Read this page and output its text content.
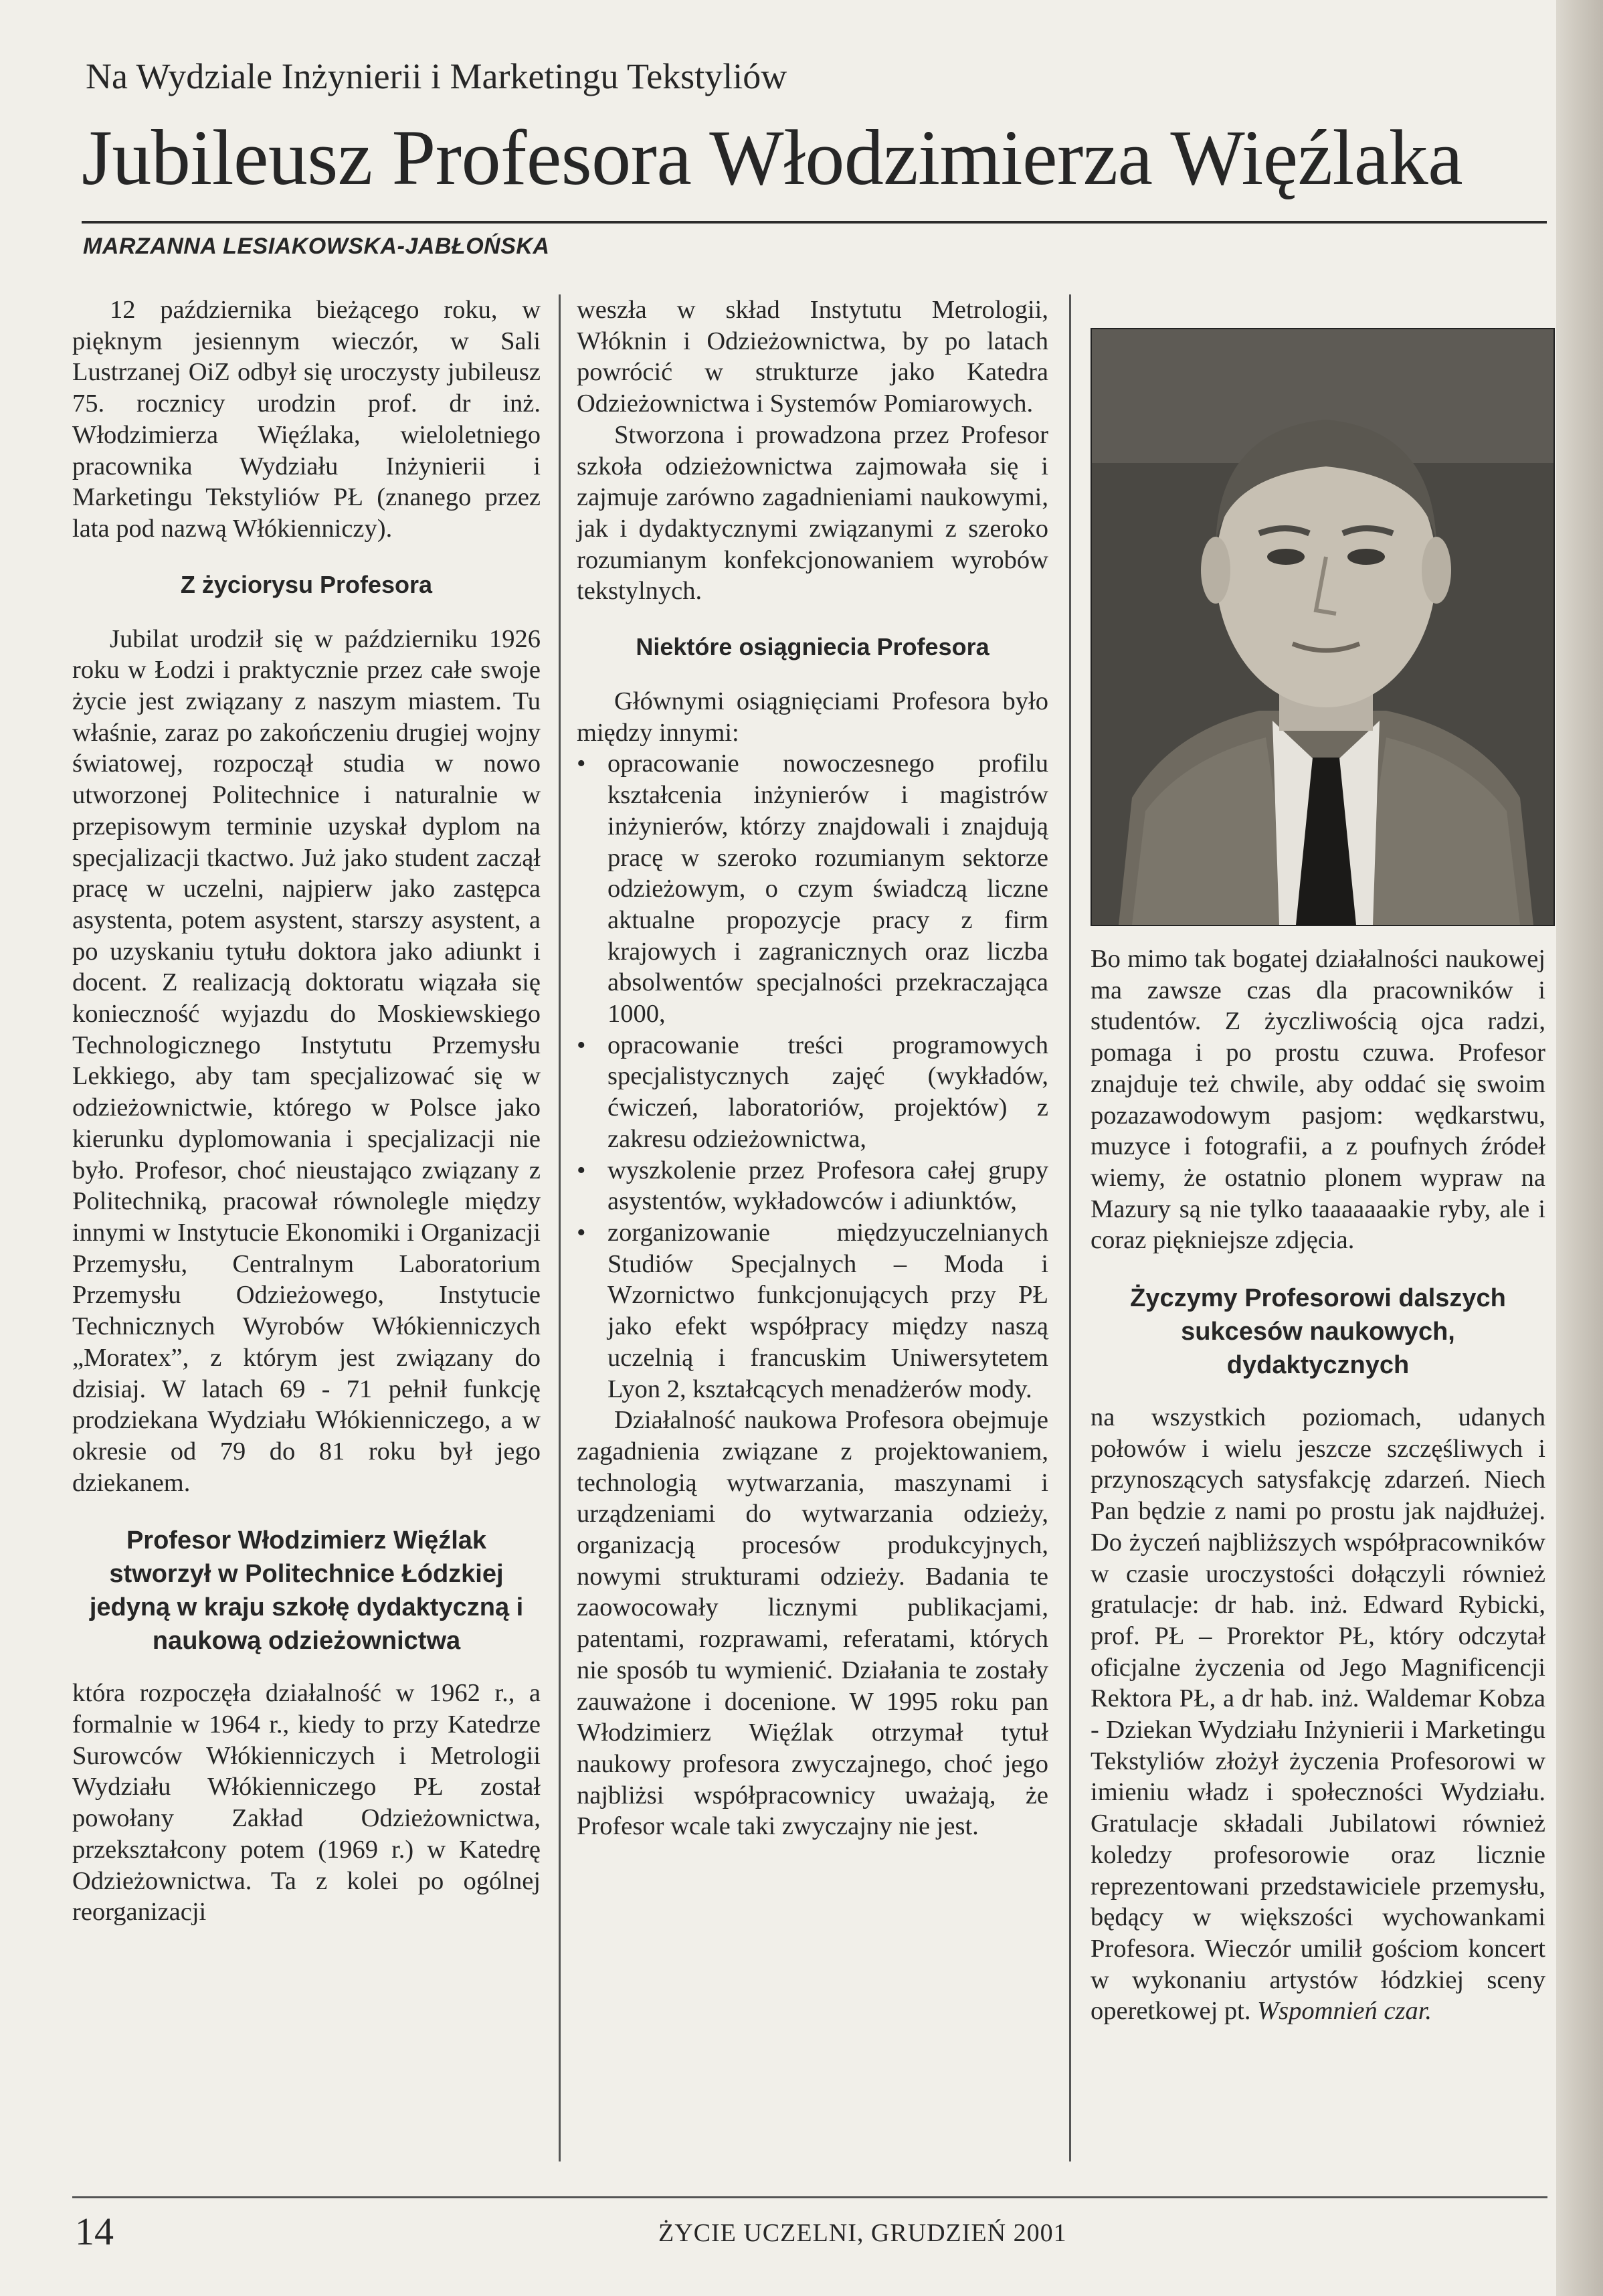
Na Wydziale Inżynierii i Marketingu Tekstyliów
Jubileusz Profesora Włodzimierza Więźlaka
MARZANNA LESIAKOWSKA-JABŁOŃSKA

12 października bieżącego roku, w pięknym jesiennym wieczór, w Sali Lustrzanej OiZ odbył się uroczysty jubileusz 75. rocznicy urodzin prof. dr inż. Włodzimierza Więźlaka, wieloletniego pracownika Wydziału Inżynierii i Marketingu Tekstyliów PŁ (znanego przez lata pod nazwą Włókienniczy).

Z życiorysu Profesora

Jubilat urodził się w październiku 1926 roku w Łodzi i praktycznie przez całe swoje życie jest związany z naszym miastem. Tu właśnie, zaraz po zakończeniu drugiej wojny światowej, rozpoczął studia w nowo utworzonej Politechnice i naturalnie w przepisowym terminie uzyskał dyplom na specjalizacji tkactwo. Już jako student zaczął pracę w uczelni, najpierw jako zastępca asystenta, potem asystent, starszy asystent, a po uzyskaniu tytułu doktora jako adiunkt i docent. Z realizacją doktoratu wiązała się konieczność wyjazdu do Moskiewskiego Technologicznego Instytutu Przemysłu Lekkiego, aby tam specjalizować się w odzieżownictwie, którego w Polsce jako kierunku dyplomowania i specjalizacji nie było. Profesor, choć nieustająco związany z Politechniką, pracował równolegle między innymi w Instytucie Ekonomiki i Organizacji Przemysłu, Centralnym Laboratorium Przemysłu Odzieżowego, Instytucie Technicznych Wyrobów Włókienniczych „Moratex”, z którym jest związany do dzisiaj. W latach 69 - 71 pełnił funkcję prodziekana Wydziału Włókienniczego, a w okresie od 79 do 81 roku był jego dziekanem.

Profesor Włodzimierz Więźlak stworzył w Politechnice Łódzkiej jedyną w kraju szkołę dydaktyczną i naukową odzieżownictwa

która rozpoczęła działalność w 1962 r., a formalnie w 1964 r., kiedy to przy Katedrze Surowców Włókienniczych i Metrologii Wydziału Włókienniczego PŁ został powołany Zakład Odzieżownictwa, przekształcony potem (1969 r.) w Katedrę Odzieżownictwa. Ta z kolei po ogólnej reorganizacji

weszła w skład Instytutu Metrologii, Włóknin i Odzieżownictwa, by po latach powrócić w strukturze jako Katedra Odzieżownictwa i Systemów Pomiarowych.

Stworzona i prowadzona przez Profesor szkoła odzieżownictwa zajmowała się i zajmuje zarówno zagadnieniami naukowymi, jak i dydaktycznymi związanymi z szeroko rozumianym konfekcjonowaniem wyrobów tekstylnych.

Niektóre osiągniecia Profesora

Głównymi osiągnięciami Profesora było między innymi:

• opracowanie nowoczesnego profilu kształcenia inżynierów i magistrów inżynierów, którzy znajdowali i znajdują pracę w szeroko rozumianym sektorze odzieżowym, o czym świadczą liczne aktualne propozycje pracy z firm krajowych i zagranicznych oraz liczba absolwentów specjalności przekraczająca 1000,
• opracowanie treści programowych specjalistycznych zajęć (wykładów, ćwiczeń, laboratoriów, projektów) z zakresu odzieżownictwa,
• wyszkolenie przez Profesora całej grupy asystentów, wykładowców i adiunktów,
• zorganizowanie międzyuczelnianych Studiów Specjalnych – Moda i Wzornictwo funkcjonujących przy PŁ jako efekt współpracy między naszą uczelnią i francuskim Uniwersytetem Lyon 2, kształcących menadżerów mody.

Działalność naukowa Profesora obejmuje zagadnienia związane z projektowaniem, technologią wytwarzania, maszynami i urządzeniami do wytwarzania odzieży, organizacją procesów produkcyjnych, nowymi strukturami odzieży. Badania te zaowocowały licznymi publikacjami, patentami, rozprawami, referatami, których nie sposób tu wymienić. Działania te zostały zauważone i docenione. W 1995 roku pan Włodzimierz Więźlak otrzymał tytuł naukowy profesora zwyczajnego, choć jego najbliżsi współpracownicy uważają, że Profesor wcale taki zwyczajny nie jest.

Bo mimo tak bogatej działalności naukowej ma zawsze czas dla pracowników i studentów. Z życzliwością ojca radzi, pomaga i po prostu czuwa. Profesor znajduje też chwile, aby oddać się swoim pozazawodowym pasjom: wędkarstwu, muzyce i fotografii, a z poufnych źródeł wiemy, że ostatnio plonem wypraw na Mazury są nie tylko taaaaaaakie ryby, ale i coraz piękniejsze zdjęcia.

Życzymy Profesorowi dalszych sukcesów naukowych, dydaktycznych

na wszystkich poziomach, udanych połowów i wielu jeszcze szczęśliwych i przynoszących satysfakcję zdarzeń. Niech Pan będzie z nami po prostu jak najdłużej. Do życzeń najbliższych współpracowników w czasie uroczystości dołączyli również gratulacje: dr hab. inż. Edward Rybicki, prof. PŁ – Prorektor PŁ, który odczytał oficjalne życzenia od Jego Magnificencji Rektora PŁ, a dr hab. inż. Waldemar Kobza - Dziekan Wydziału Inżynierii i Marketingu Tekstyliów złożył życzenia Profesorowi w imieniu władz i społeczności Wydziału. Gratulacje składali Jubilatowi również koledzy profesorowie oraz licznie reprezentowani przedstawiciele przemysłu, będący w większości wychowankami Profesora. Wieczór umilił gościom koncert w wykonaniu artystów łódzkiej sceny operetkowej pt. Wspomnień czar.

14	ŻYCIE UCZELNI, GRUDZIEŃ 2001
